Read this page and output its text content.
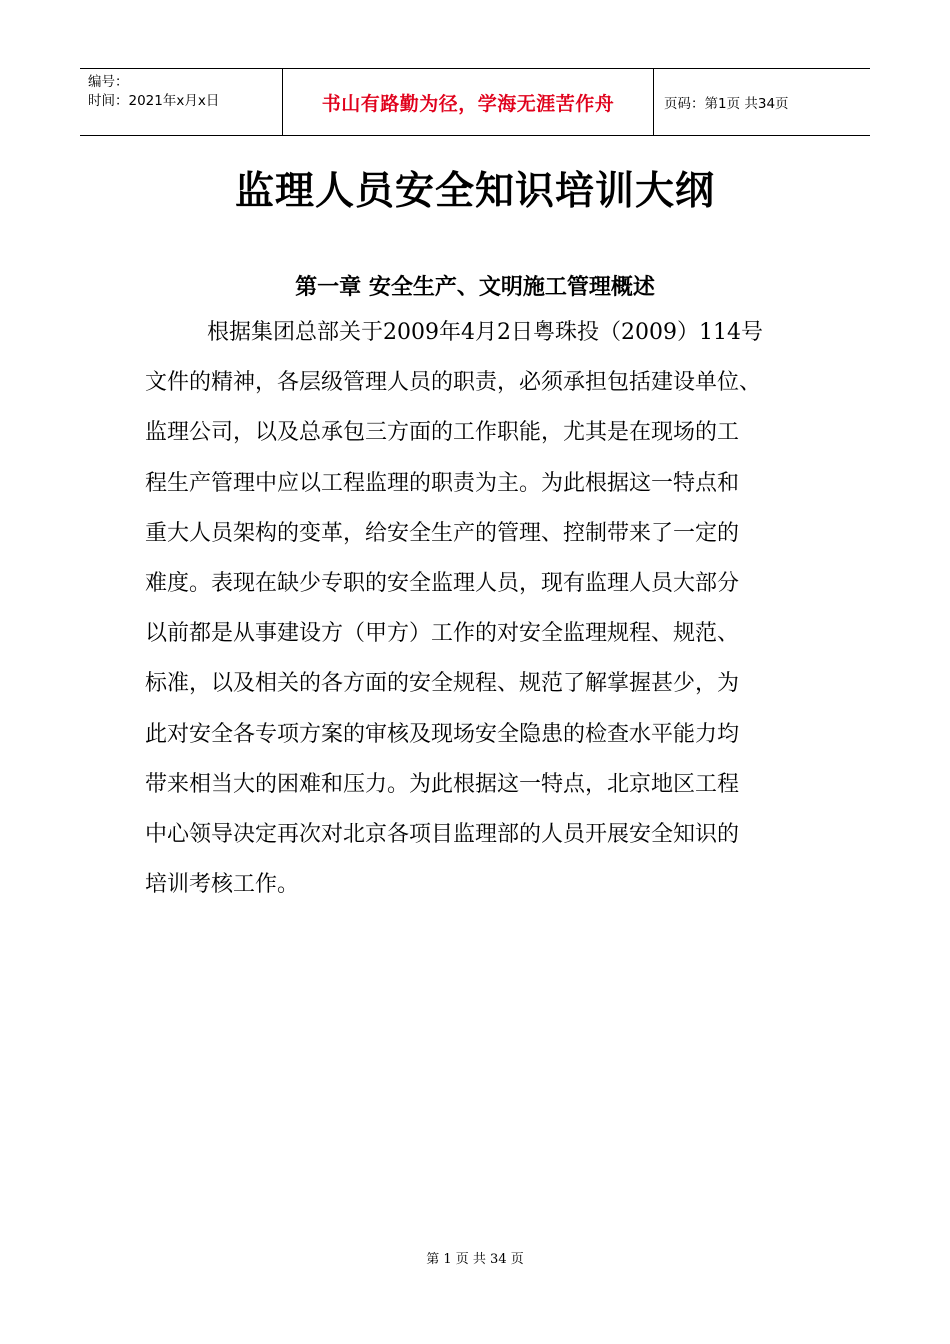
编号：
时间：2021年x月x日	书山有路勤为径，学海无涯苦作舟	页码：第1页 共34页
监理人员安全知识培训大纲
第一章 安全生产、文明施工管理概述
根据集团总部关于2009年4月2日粤珠投（2009）114号
文件的精神，各层级管理人员的职责，必须承担包括建设单位、
监理公司，以及总承包三方面的工作职能，尤其是在现场的工
程生产管理中应以工程监理的职责为主。为此根据这一特点和
重大人员架构的变革，给安全生产的管理、控制带来了一定的
难度。表现在缺少专职的安全监理人员，现有监理人员大部分
以前都是从事建设方（甲方）工作的对安全监理规程、规范、
标准，以及相关的各方面的安全规程、规范了解掌握甚少，为
此对安全各专项方案的审核及现场安全隐患的检查水平能力均
带来相当大的困难和压力。为此根据这一特点，北京地区工程
中心领导决定再次对北京各项目监理部的人员开展安全知识的
培训考核工作。
第 1 页 共 34 页
